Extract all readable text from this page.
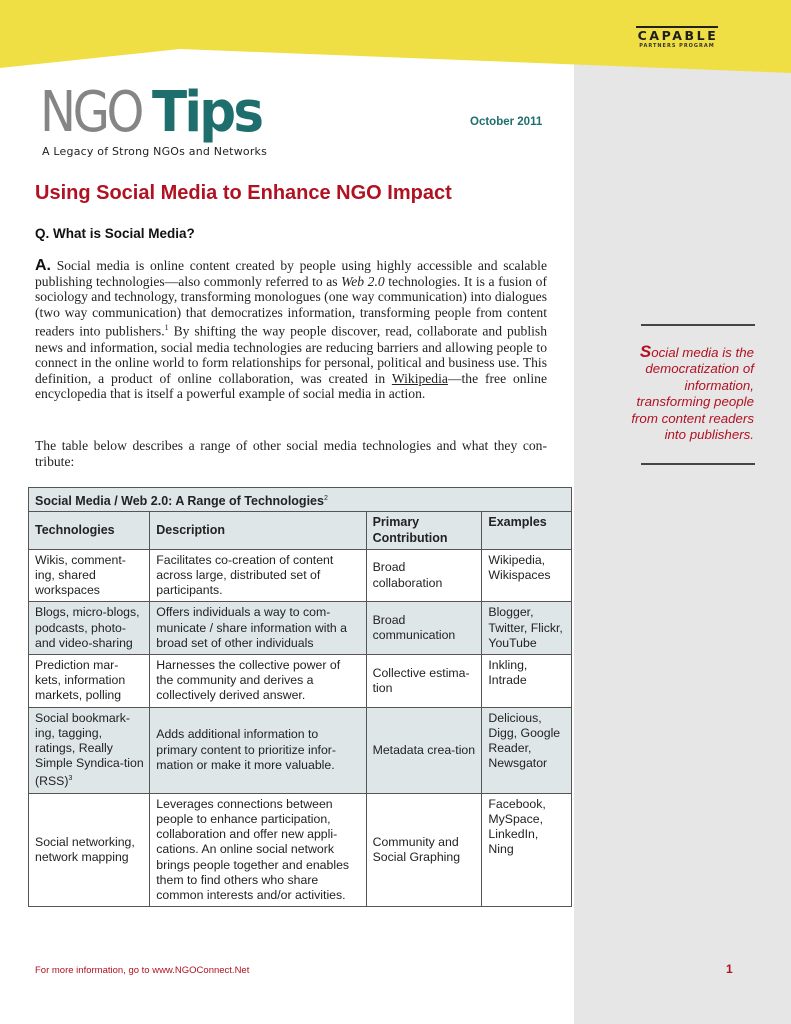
CAPABLE
PARTNERS PROGRAM
NGO Tips
A Legacy of Strong NGOs and Networks
October 2011
Using Social Media to Enhance NGO Impact
Q. What is Social Media?

A. Social media is online content created by people using highly accessible and scalable publishing technologies—also commonly referred to as Web 2.0 technologies. It is a fusion of sociology and technology, transforming monologues (one way communication) into dialogues (two way communication) that democratizes information, transforming people from content readers into publishers.$^1$ By shifting the way people discover, read, collaborate and publish news and information, social media technologies are reducing barriers and allowing people to connect in the online world to form relationships for personal, political and business use. This definition, a product of online collaboration, was created in Wikipedia—the free online encyclopedia that is itself a powerful example of social media in action.

The table below describes a range of other social media technologies and what they con-tribute:

Social media is the democratization of information, transforming people from content readers into publishers.
Social Media / Web 2.0: A Range of Technologies$^2$
Technologies	Description	Primary Contribution	Examples
Wikis, comment-ing, shared workspaces	Facilitates co-creation of content across large, distributed set of participants.	Broad collaboration	Wikipedia, Wikispaces
Blogs, micro-blogs, podcasts, photo- and video-sharing	Offers individuals a way to com-municate / share information with a broad set of other individuals	Broad communication	Blogger, Twitter, Flickr, YouTube
Prediction mar-kets, information markets, polling	Harnesses the collective power of the community and derives a collectively derived answer.	Collective estima-tion	Inkling, Intrade
Social bookmark-ing, tagging, ratings, Really Simple Syndica-tion (RSS)$^3$	Adds additional information to primary content to prioritize infor-mation or make it more valuable.	Metadata crea-tion	Delicious, Digg, Google Reader, Newsgator
Social networking, network mapping	Leverages connections between people to enhance participation, collaboration and offer new appli-cations. An online social network brings people together and enables them to find others who share common interests and/or activities.	Community and Social Graphing	Facebook, MySpace, LinkedIn, Ning
For more information, go to www.NGOConnect.Net	1
